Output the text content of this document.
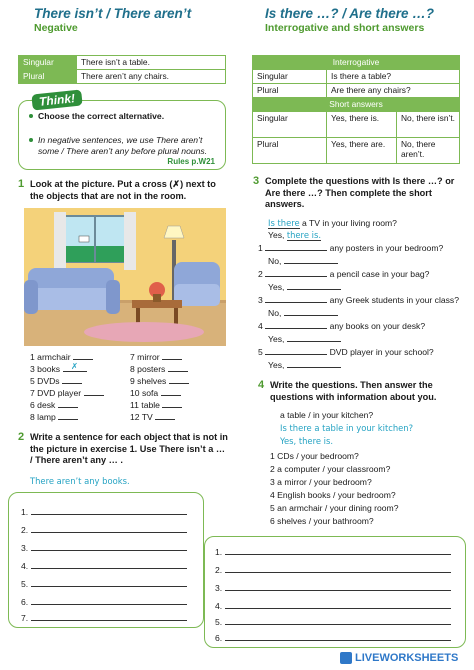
There isn’t / There aren’t
Negative
Singular	There isn’t a table.
Plural	There aren’t any chairs.
Choose the correct alternative.
In negative sentences, we use There aren’t some / There aren’t any before plural nouns.
Rules p.W21
Think!
Is there …? / Are there …?
Interrogative and short answers
Interrogative		
Singular	Is there a table?	
Plural	Are there any chairs?	
Short answers		
Singular	Yes, there is.	No, there isn’t.
Plural	Yes, there are.	No, there aren’t.
1 Look at the picture. Put a cross (✗) next to the objects that are not in the room.
1 armchair
3 books ✗
5 DVDs
7 DVD player
6 desk
8 lamp
7 mirror
8 posters
9 shelves
10 sofa
11 table
12 TV
2 Write a sentence for each object that is not in the picture in exercise 1. Use There isn’t a … / There aren’t any … .
There aren’t any books.
1.
2.
3.
4.
5.
6.
7.
3 Complete the questions with Is there …? or Are there …? Then complete the short answers.
Is there a TV in your living room?
Yes, there is.
1	any posters in your bedroom?
No,
2	a pencil case in your bag?
Yes,
3	any Greek students in your class?
No,
4	any books on your desk?
Yes,
5	DVD player in your school?
Yes,
4 Write the questions. Then answer the questions with information about you.
a table / in your kitchen?
Is there a table in your kitchen?
Yes, there is.
1 CDs / your bedroom?
2 a computer / your classroom?
3 a mirror / your bedroom?
4 English books / your bedroom?
5 an armchair / your dining room?
6 shelves / your bathroom?
1.
2.
3.
4.
5.
6.
LIVEWORKSHEETS
